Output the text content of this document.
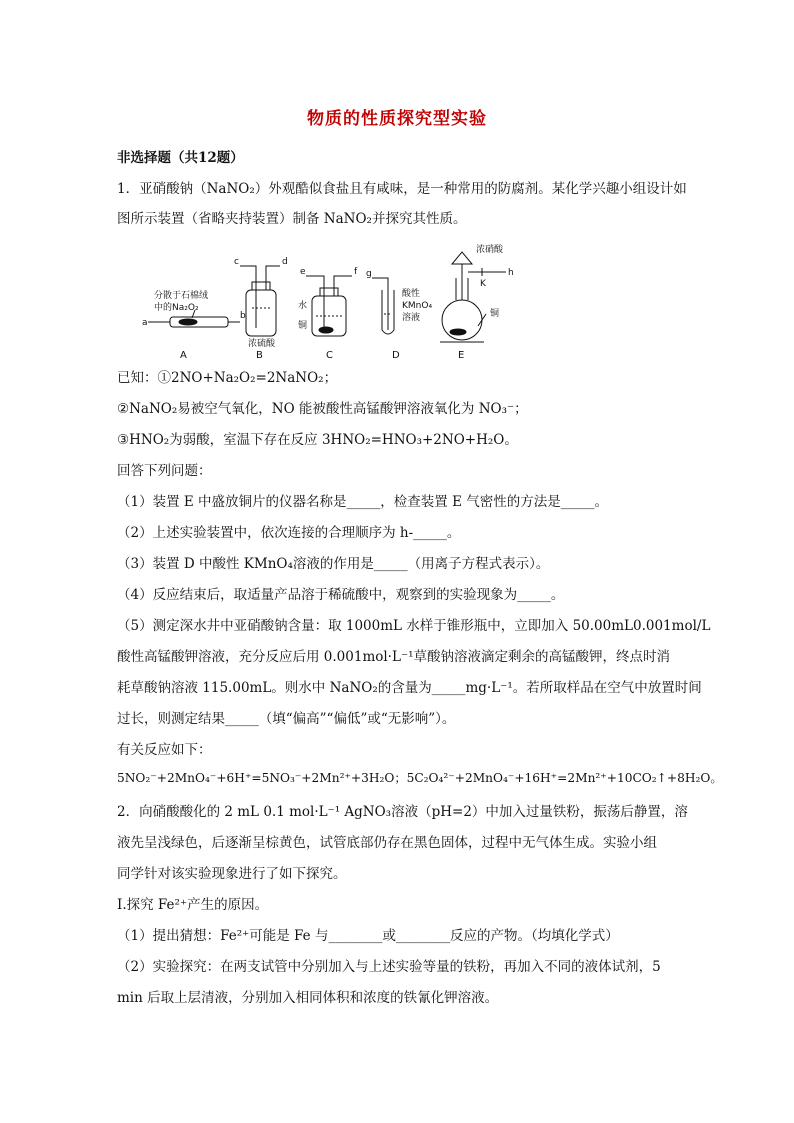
物质的性质探究型实验
非选择题（共12题）
1．亚硝酸钠（NaNO₂）外观酷似食盐且有咸味，是一种常用的防腐剂。某化学兴趣小组设计如
图所示装置（省略夹持装置）制备 NaNO₂并探究其性质。
a
b
c	d
e	f g	h
K
分散于石棉绒
中的Na₂O₂
浓硫酸
水
铜
酸性
KMnO₄
溶液
浓硝酸
铜
A	B	C	D	E
已知：①2NO+Na₂O₂=2NaNO₂；
②NaNO₂易被空气氧化，NO 能被酸性高锰酸钾溶液氧化为 NO₃⁻；
③HNO₂为弱酸，室温下存在反应 3HNO₂=HNO₃+2NO+H₂O。
回答下列问题：
（1）装置 E 中盛放铜片的仪器名称是_____，检查装置 E 气密性的方法是_____。
（2）上述实验装置中，依次连接的合理顺序为 h-_____。
（3）装置 D 中酸性 KMnO₄溶液的作用是_____（用离子方程式表示）。
（4）反应结束后，取适量产品溶于稀硫酸中，观察到的实验现象为_____。
（5）测定深水井中亚硝酸钠含量：取 1000mL 水样于锥形瓶中，立即加入 50.00mL0.001mol/L
酸性高锰酸钾溶液，充分反应后用 0.001mol·L⁻¹草酸钠溶液滴定剩余的高锰酸钾，终点时消
耗草酸钠溶液 115.00mL。则水中 NaNO₂的含量为_____mg·L⁻¹。若所取样品在空气中放置时间
过长，则测定结果_____（填“偏高”“偏低”或“无影响”）。
有关反应如下：
5NO₂⁻+2MnO₄⁻+6H⁺=5NO₃⁻+2Mn²⁺+3H₂O；5C₂O₄²⁻+2MnO₄⁻+16H⁺=2Mn²⁺+10CO₂↑+8H₂O。
2．向硝酸酸化的 2 mL 0.1 mol·L⁻¹ AgNO₃溶液（pH=2）中加入过量铁粉，振荡后静置，溶
液先呈浅绿色，后逐渐呈棕黄色，试管底部仍存在黑色固体，过程中无气体生成。实验小组
同学针对该实验现象进行了如下探究。
Ⅰ.探究 Fe²⁺产生的原因。
（1）提出猜想：Fe²⁺可能是 Fe 与________或________反应的产物。（均填化学式）
（2）实验探究：在两支试管中分别加入与上述实验等量的铁粉，再加入不同的液体试剂，5
min 后取上层清液，分别加入相同体积和浓度的铁氰化钾溶液。
